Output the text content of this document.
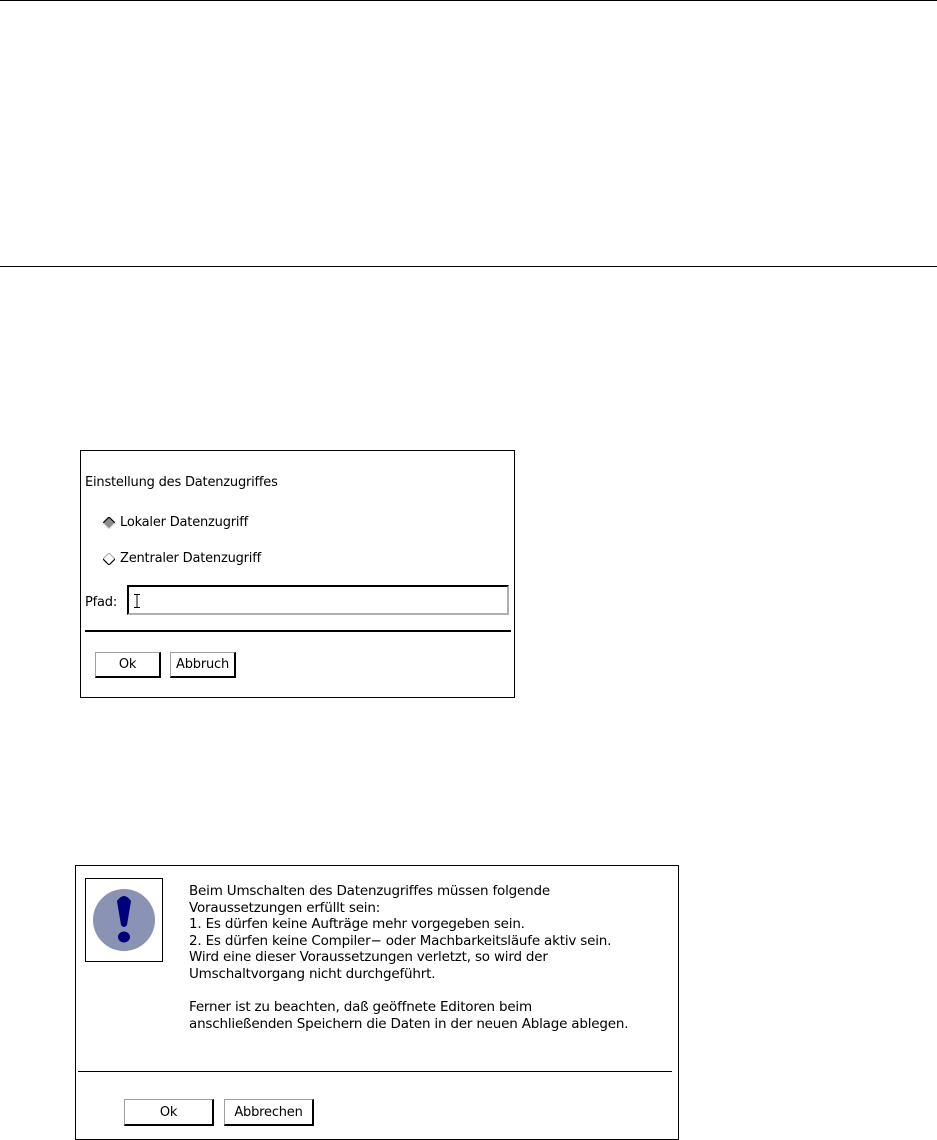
Einstellung des Datenzugriffes
Lokaler Datenzugriff
Zentraler Datenzugriff
Pfad:
Ok	Abbruch
Beim Umschalten des Datenzugriffes müssen folgende
Voraussetzungen erfüllt sein:
1. Es dürfen keine Aufträge mehr vorgegeben sein.
2. Es dürfen keine Compiler− oder Machbarkeitsläufe aktiv sein.
Wird eine dieser Voraussetzungen verletzt, so wird der
Umschaltvorgang nicht durchgeführt.
Ferner ist zu beachten, daß geöffnete Editoren beim
anschließenden Speichern die Daten in der neuen Ablage ablegen.
Ok	Abbrechen
